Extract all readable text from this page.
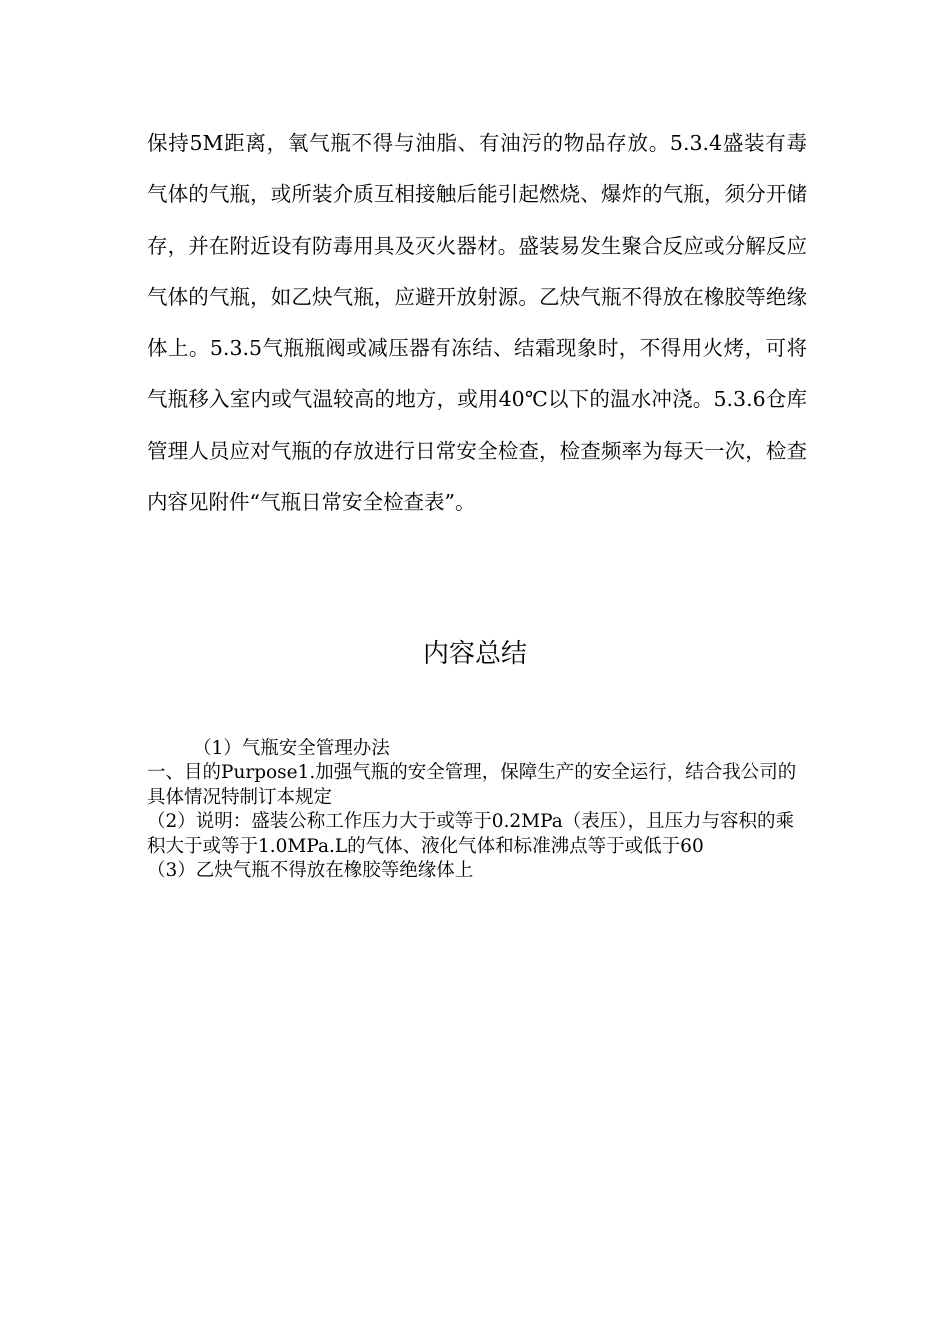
保持5M距离，氧气瓶不得与油脂、有油污的物品存放。5.3.4盛装有毒气体的气瓶，或所装介质互相接触后能引起燃烧、爆炸的气瓶，须分开储存，并在附近设有防毒用具及灭火器材。盛装易发生聚合反应或分解反应气体的气瓶，如乙炔气瓶，应避开放射源。乙炔气瓶不得放在橡胶等绝缘体上。5.3.5气瓶瓶阀或减压器有冻结、结霜现象时，不得用火烤，可将气瓶移入室内或气温较高的地方，或用40℃以下的温水冲浇。5.3.6仓库管理人员应对气瓶的存放进行日常安全检查，检查频率为每天一次，检查内容见附件“气瓶日常安全检查表”。

内容总结

（1）气瓶安全管理办法

一、目的Purpose1.加强气瓶的安全管理，保障生产的安全运行，结合我公司的具体情况特制订本规定

（2）说明：盛装公称工作压力大于或等于0.2MPa（表压），且压力与容积的乘积大于或等于1.0MPa.L的气体、液化气体和标准沸点等于或低于60

（3）乙炔气瓶不得放在橡胶等绝缘体上
